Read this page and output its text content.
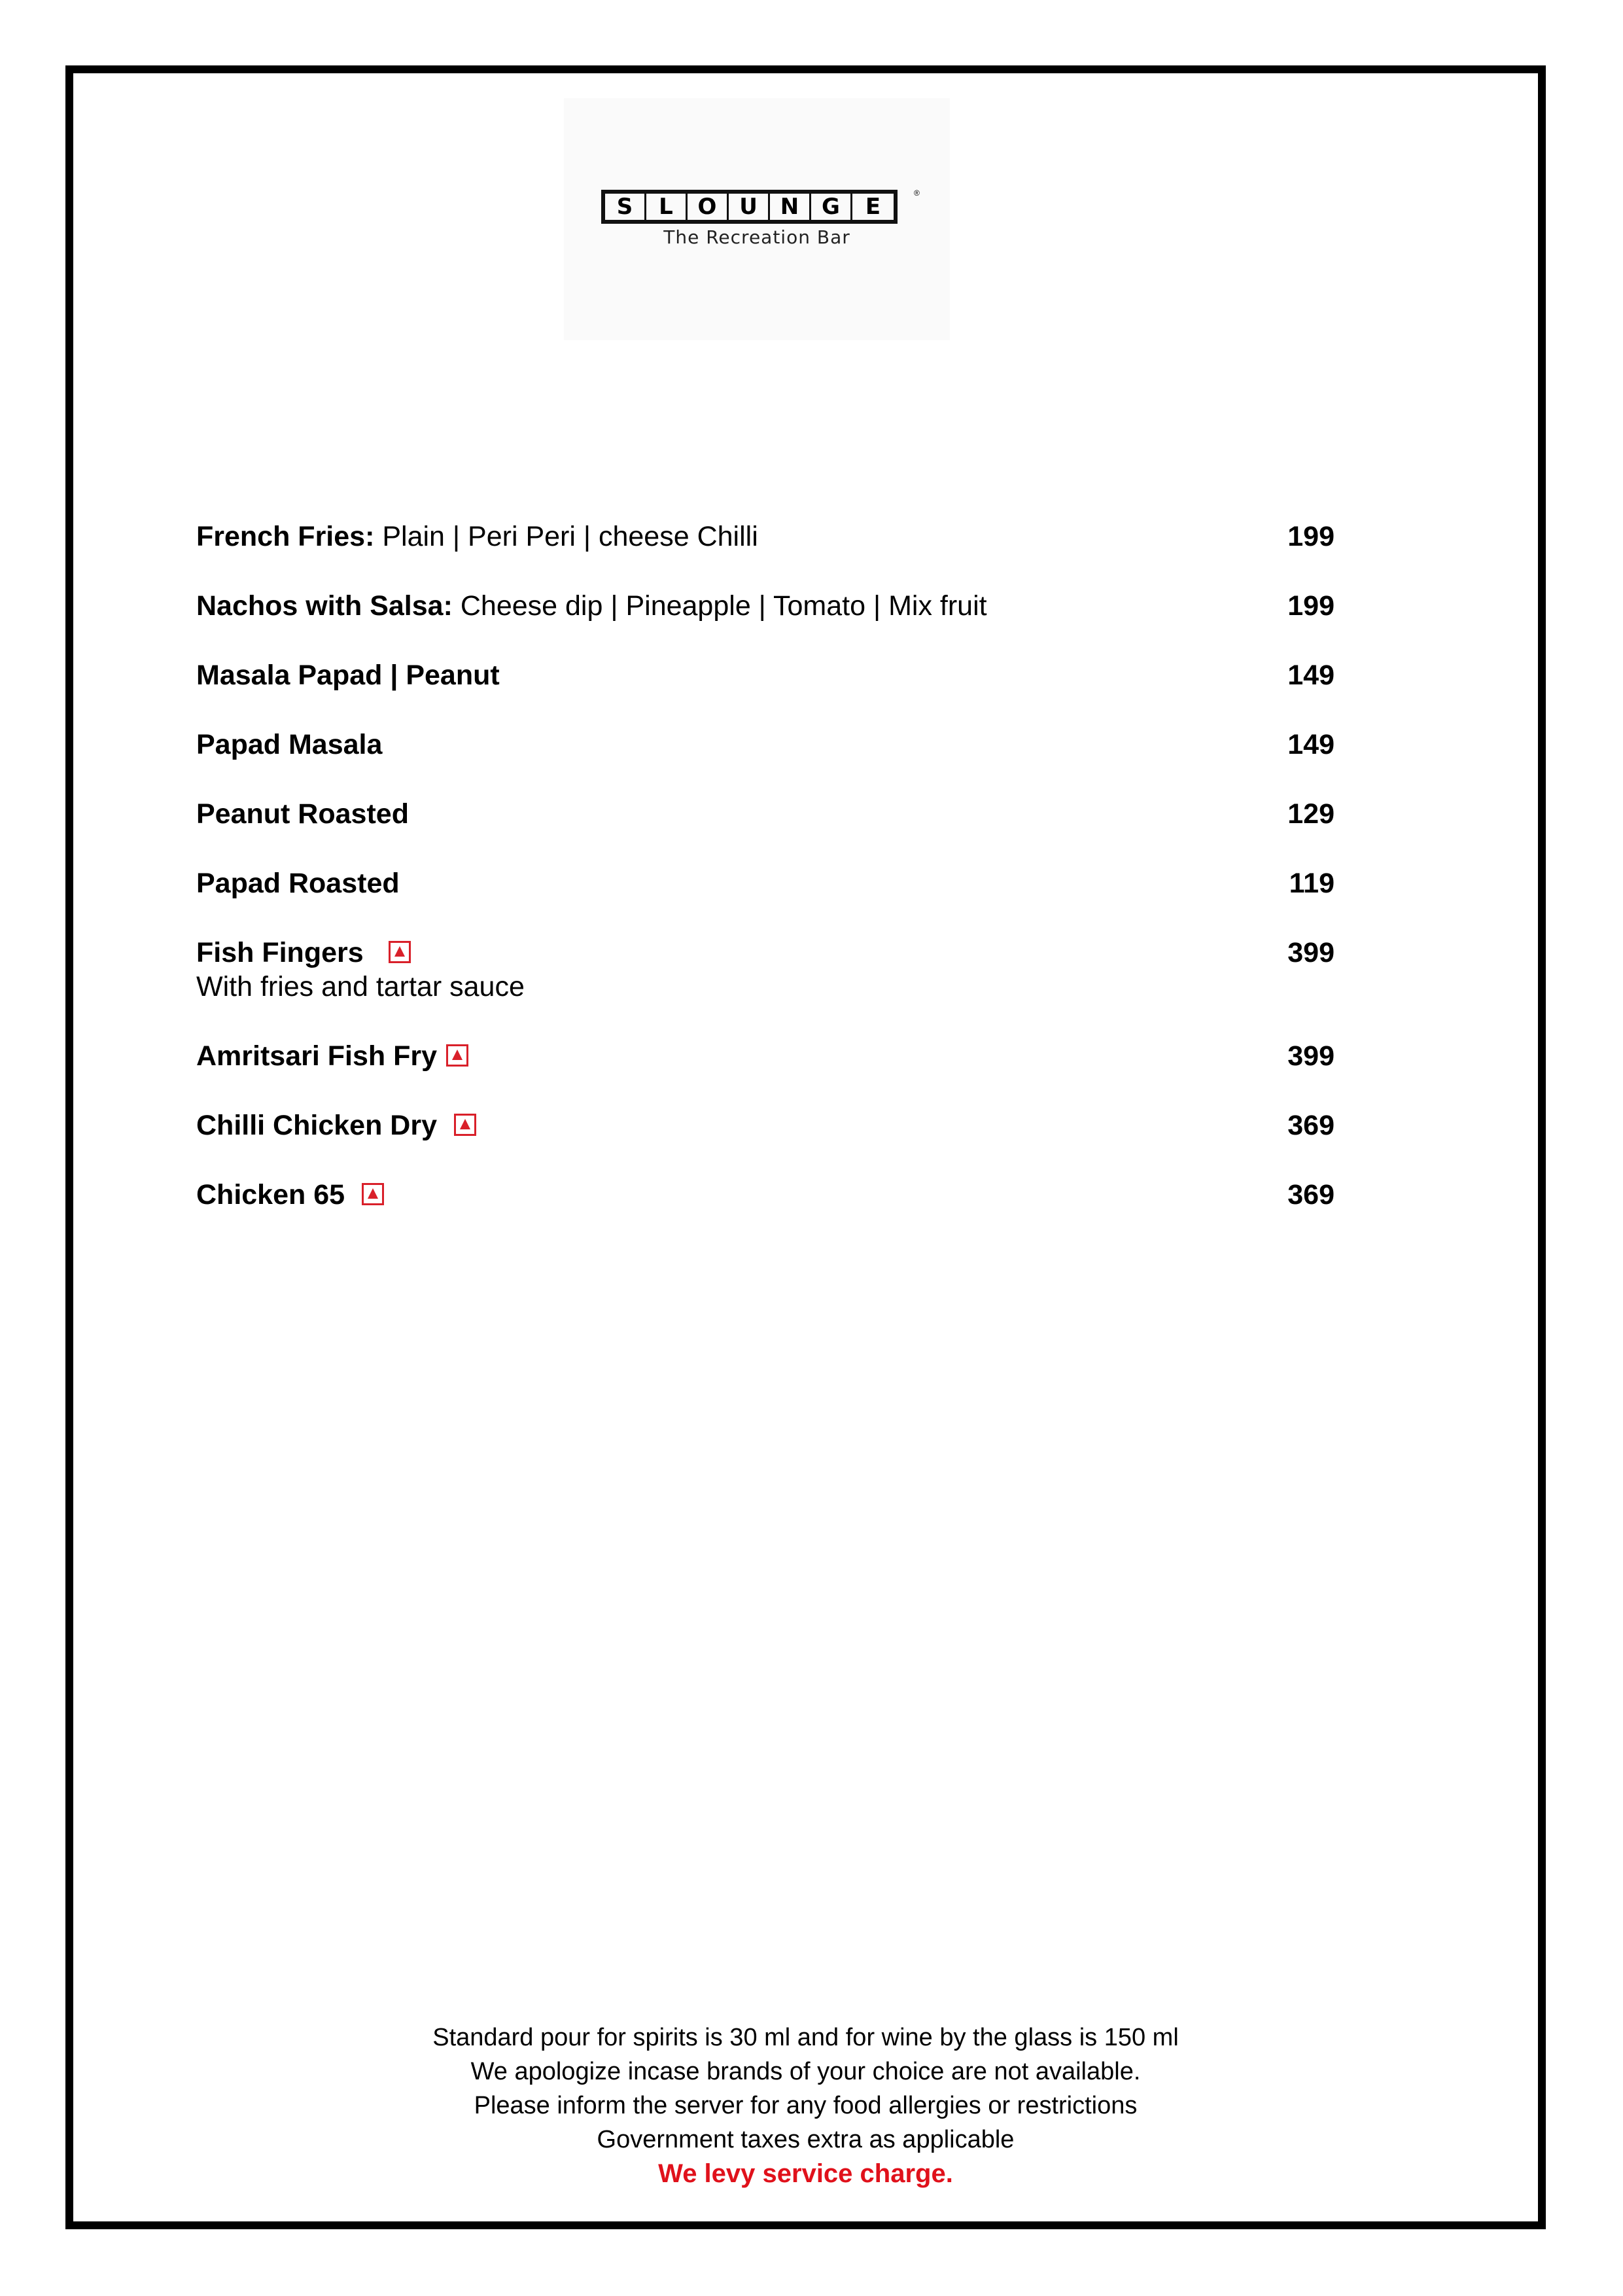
S	L	O	U	N	G	E
®
The Recreation Bar
French Fries: Plain | Peri Peri | cheese Chilli	199
Nachos with Salsa: Cheese dip | Pineapple | Tomato | Mix fruit	199
Masala Papad | Peanut	149
Papad Masala	149
Peanut Roasted	129
Papad Roasted	119
Fish Fingers	399
With fries and tartar sauce
Amritsari Fish Fry	399
Chilli Chicken Dry	369
Chicken 65	369
Standard pour for spirits is 30 ml and for wine by the glass is 150 ml
We apologize incase brands of your choice are not available.
Please inform the server for any food allergies or restrictions
Government taxes extra as applicable
We levy service charge.
